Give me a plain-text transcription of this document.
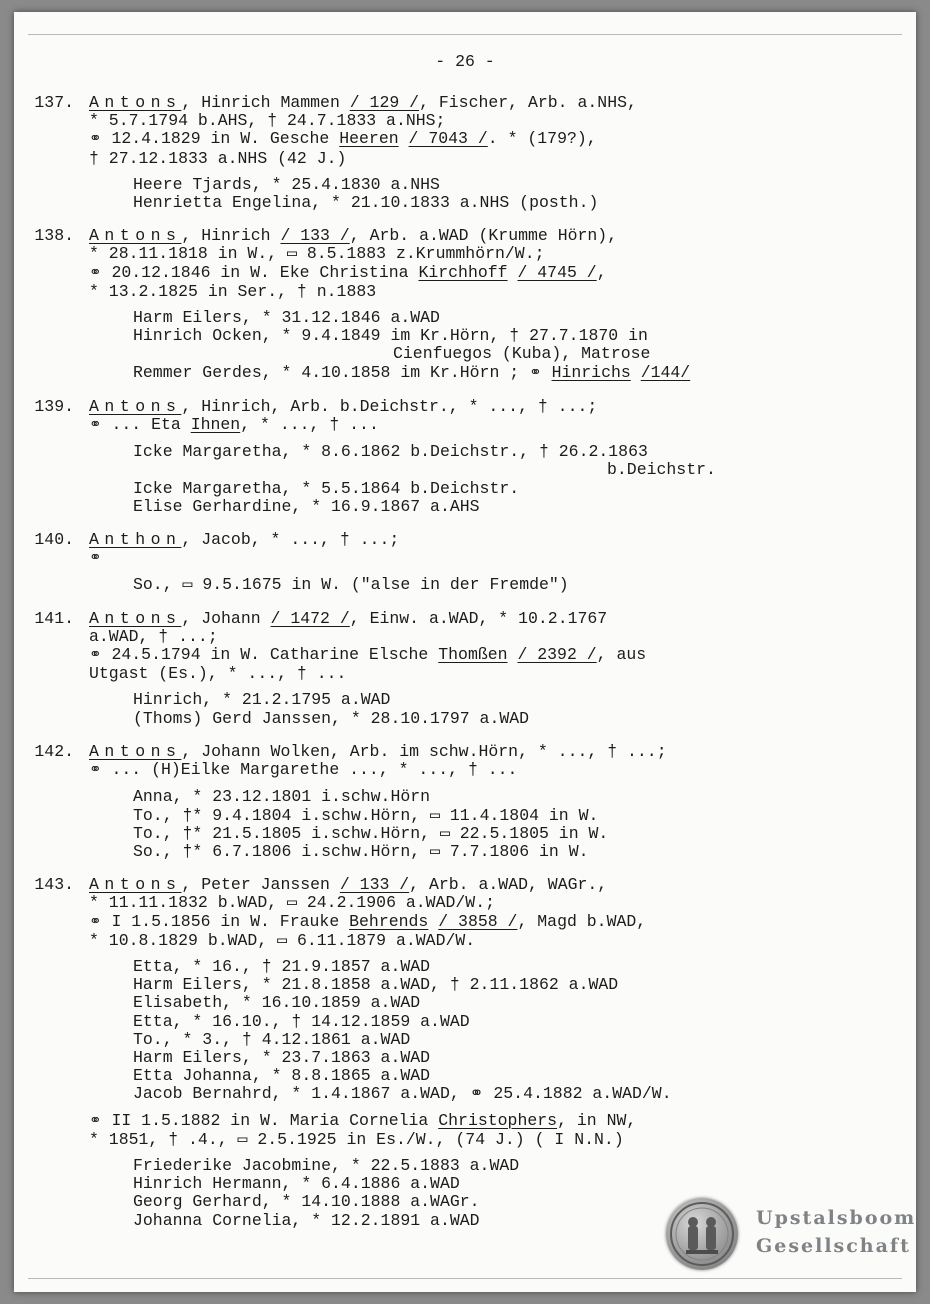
- 26 -
137. Antons, Hinrich Mammen / 129 /, Fischer, Arb. a.NHS,
* 5.7.1794 b.AHS, † 24.7.1833 a.NHS;
⚭ 12.4.1829 in W. Gesche Heeren / 7043 /. * (179?),
† 27.12.1833 a.NHS (42 J.)
Heere Tjards, * 25.4.1830 a.NHS
Henrietta Engelina, * 21.10.1833 a.NHS (posth.)
138. Antons, Hinrich / 133 /, Arb. a.WAD (Krumme Hörn),
* 28.11.1818 in W., ▭ 8.5.1883 z.Krummhörn/W.;
⚭ 20.12.1846 in W. Eke Christina Kirchhoff / 4745 /,
* 13.2.1825 in Ser., † n.1883
Harm Eilers, * 31.12.1846 a.WAD
Hinrich Ocken, * 9.4.1849 im Kr.Hörn, † 27.7.1870 in
Cienfuegos (Kuba), Matrose
Remmer Gerdes, * 4.10.1858 im Kr.Hörn ; ⚭ Hinrichs /144/
139. Antons, Hinrich, Arb. b.Deichstr., * ..., † ...;
⚭ ... Eta Ihnen, * ..., † ...
Icke Margaretha, * 8.6.1862 b.Deichstr., † 26.2.1863
b.Deichstr.
Icke Margaretha, * 5.5.1864 b.Deichstr.
Elise Gerhardine, * 16.9.1867 a.AHS
140. Anthon, Jacob, * ..., † ...;
⚭
So., ▭ 9.5.1675 in W. ("alse in der Fremde")
141. Antons, Johann / 1472 /, Einw. a.WAD, * 10.2.1767
a.WAD, † ...;
⚭ 24.5.1794 in W. Catharine Elsche Thomßen / 2392 /, aus
Utgast (Es.), * ..., † ...
Hinrich, * 21.2.1795 a.WAD
(Thoms) Gerd Janssen, * 28.10.1797 a.WAD
142. Antons, Johann Wolken, Arb. im schw.Hörn, * ..., † ...;
⚭ ... (H)Eilke Margarethe ..., * ..., † ...
Anna, * 23.12.1801 i.schw.Hörn
To., †* 9.4.1804 i.schw.Hörn, ▭ 11.4.1804 in W.
To., †* 21.5.1805 i.schw.Hörn, ▭ 22.5.1805 in W.
So., †* 6.7.1806 i.schw.Hörn, ▭ 7.7.1806 in W.
143. Antons, Peter Janssen / 133 /, Arb. a.WAD, WAGr.,
* 11.11.1832 b.WAD, ▭ 24.2.1906 a.WAD/W.;
⚭ I 1.5.1856 in W. Frauke Behrends / 3858 /, Magd b.WAD,
* 10.8.1829 b.WAD, ▭ 6.11.1879 a.WAD/W.
Etta, * 16., † 21.9.1857 a.WAD
Harm Eilers, * 21.8.1858 a.WAD, † 2.11.1862 a.WAD
Elisabeth, * 16.10.1859 a.WAD
Etta, * 16.10., † 14.12.1859 a.WAD
To., * 3., † 4.12.1861 a.WAD
Harm Eilers, * 23.7.1863 a.WAD
Etta Johanna, * 8.8.1865 a.WAD
Jacob Bernahrd, * 1.4.1867 a.WAD, ⚭ 25.4.1882 a.WAD/W.
⚭ II 1.5.1882 in W. Maria Cornelia Christophers, in NW,
* 1851, † .4., ▭ 2.5.1925 in Es./W., (74 J.) ( I N.N.)
Friederike Jacobmine, * 22.5.1883 a.WAD
Hinrich Hermann, * 6.4.1886 a.WAD
Georg Gerhard, * 14.10.1888 a.WAGr.
Johanna Cornelia, * 12.2.1891 a.WAD	Upstalsboom
Gesellschaft
